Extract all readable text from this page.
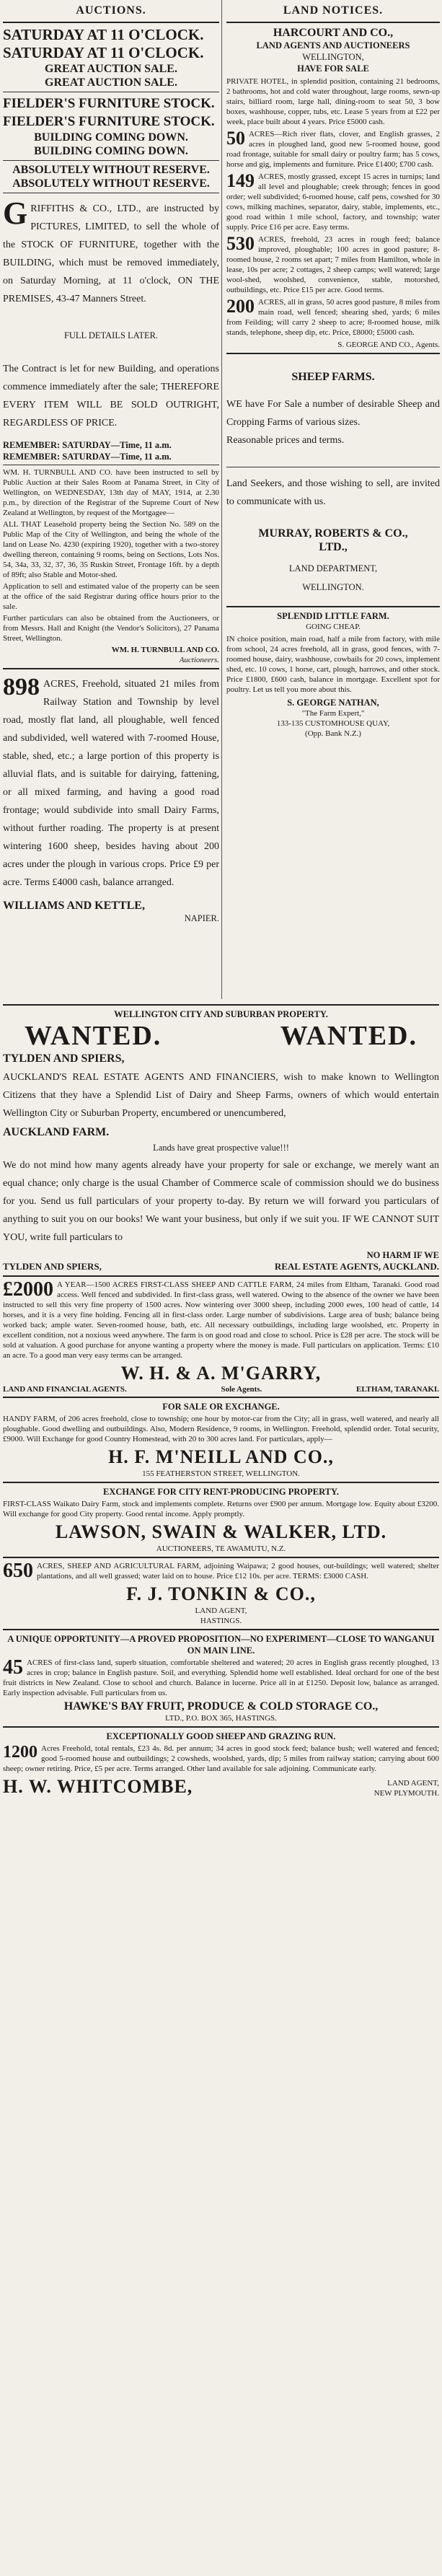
AUCTIONS.
SATURDAY AT 11 O'CLOCK.
SATURDAY AT 11 O'CLOCK.
GREAT AUCTION SALE.
GREAT AUCTION SALE.
FIELDER'S FURNITURE STOCK.
FIELDER'S FURNITURE STOCK.
BUILDING COMING DOWN.
BUILDING COMING DOWN.
ABSOLUTELY WITHOUT RESERVE.
ABSOLUTELY WITHOUT RESERVE.

G RIFFITHS & CO., LTD., are instructed by PICTURES, LIMITED, to sell the whole of the STOCK OF FURNITURE, together with the BUILDING, which must be removed immediately, on Saturday Morning, at 11 o'clock, ON THE PREMISES, 43-47 Manners Street.

FULL DETAILS LATER.

The Contract is let for new Building, and operations commence immediately after the sale; THEREFORE EVERY ITEM WILL BE SOLD OUTRIGHT, REGARDLESS OF PRICE.

REMEMBER: SATURDAY—Time, 11 a.m.
REMEMBER: SATURDAY—Time, 11 a.m.

WM. H. TURNBULL AND CO. have been instructed to sell by Public Auction at their Sales Room at Panama Street, in City of Wellington, on WEDNESDAY, 13th day of MAY, 1914, at 2.30 p.m., by direction of the Registrar of the Supreme Court of New Zealand at Wellington, by request of the Mortgagee—

ALL THAT Leasehold property being the Section No. 589 on the Public Map of the City of Wellington, and being the whole of the land on Lease No. 4230 (expiring 1920), together with a two-storey dwelling thereon, containing 9 rooms, being on Sections, Lots Nos. 54, 34a, 33, 32, 37, 36, 35 Ruskin Street, Frontage 16ft. by a depth of 89ft; also Stable and Motor-shed.

Application to sell and estimated value of the property can be seen at the office of the said Registrar during office hours prior to the sale.

Further particulars can also be obtained from the Auctioneers, or from Messrs. Hall and Knight (the Vendor's Solicitors), 27 Panama Street, Wellington.

WM. H. TURNBULL AND CO.
Auctioneers.

898 ACRES, Freehold, situated 21 miles from Railway Station and Township by level road, mostly flat land, all ploughable, well fenced and subdivided, well watered with 7-roomed House, stable, shed, etc.; a large portion of this property is alluvial flats, and is suitable for dairying, fattening, or all mixed farming, and having a good road frontage; would subdivide into small Dairy Farms, without further roading. The property is at present wintering 1600 sheep, besides having about 200 acres under the plough in various crops. Price £9 per acre. Terms £4000 cash, balance arranged.

WILLIAMS AND KETTLE,
NAPIER.
LAND NOTICES.
HARCOURT AND CO.,
LAND AGENTS AND AUCTIONEERS
WELLINGTON,
HAVE FOR SALE

PRIVATE HOTEL, in splendid position, containing 21 bedrooms, 2 bathrooms, hot and cold water throughout, large rooms, sewn-up stairs, billiard room, large hall, dining-room to seat 50, 3 bow boxes, washhouse, copper, tubs, etc. Lease 5 years from at £22 per week, place built about 4 years. Price £5000 cash.

50 ACRES—Rich river flats, clover, and English grasses, 2 acres in ploughed land, good new 5-roomed house, good road frontage, suitable for small dairy or poultry farm; has 5 cows, horse and gig, implements and furniture. Price £1400; £700 cash.

149 ACRES, mostly grassed, except 15 acres in turnips; land all level and ploughable; creek through; fences in good order; well subdivided; 6-roomed house, calf pens, cowshed for 30 cows, milking machines, separator, dairy, stable, implements, etc., good road within 1 mile school, factory, and township; water supply. Price £16 per acre. Easy terms.

530 ACRES, freehold, 23 acres in rough feed; balance improved, ploughable; 100 acres in good pasture; 8-roomed house, 2 rooms set apart; 7 miles from Hamilton, whole in lease, 10s per acre; 2 cottages, 2 sheep camps; well watered; large wool-shed, woolshed, convenience, stable, motorshed, outbuildings, etc. Price £15 per acre. Good terms.

200 ACRES, all in grass, 50 acres good pasture, 8 miles from main road, well fenced; shearing shed, yards; 6 miles from Feilding; will carry 2 sheep to acre; 8-roomed house, milk stands, telephone, sheep dip, etc. Price, £8000; £5000 cash.

S. GEORGE AND CO., Agents.
SHEEP FARMS.

WE have For Sale a number of desirable Sheep and Cropping Farms of various sizes.

Reasonable prices and terms.

Land Seekers, and those wishing to sell, are invited to communicate with us.

MURRAY, ROBERTS & CO.,
LTD.,
LAND DEPARTMENT,
WELLINGTON.
SPLENDID LITTLE FARM.
GOING CHEAP.

IN choice position, main road, half a mile from factory, with mile from school, 24 acres freehold, all in grass, good fences, with 7-roomed house, dairy, washhouse, cowbails for 20 cows, implement shed, etc. 10 cows, 1 horse, cart, plough, harrows, and other stock. Price £1800, £600 cash, balance in mortgage. Excellent spot for poultry. Let us tell you more about this.

S. GEORGE NATHAN,
"The Farm Expert,"
133-135 CUSTOMHOUSE QUAY,
(Opp. Bank N.Z.)
WELLINGTON CITY AND SUBURBAN PROPERTY.
WANTED.	WANTED.
TYLDEN AND SPIERS,

AUCKLAND'S REAL ESTATE AGENTS AND FINANCIERS, wish to make known to Wellington Citizens that they have a Splendid List of Dairy and Sheep Farms, owners of which would entertain Wellington City or Suburban Property, encumbered or unencumbered,

AUCKLAND FARM.
Lands have great prospective value!!!

We do not mind how many agents already have your property for sale or exchange, we merely want an equal chance; only charge is the usual Chamber of Commerce scale of commission should we do business for you. Send us full particulars of your property to-day. By return we will forward you particulars of anything to suit you on our books! We want your business, but only if we suit you. IF WE CANNOT SUIT YOU, write full particulars to

NO HARM IF WE
TYLDEN AND SPIERS,	REAL ESTATE AGENTS, AUCKLAND.

£2000 A YEAR—1500 ACRES FIRST-CLASS SHEEP AND CATTLE FARM, 24 miles from Eltham, Taranaki. Good road access. Well fenced and subdivided. In first-class grass, well watered. Owing to the absence of the owner we have been instructed to sell this very fine property of 1500 acres. Now wintering over 3000 sheep, including 2000 ewes, 100 head of cattle, 14 horses, and it is a very fine holding. Fencing all in first-class order. Large number of subdivisions. Large area of bush; balance being worked back; ample water. Seven-roomed house, bath, etc. All necessary outbuildings, including large woolshed, etc. Property in excellent condition, not a noxious weed anywhere. The farm is on good road and close to school. Price is £28 per acre. The stock will be sold at valuation. A good purchase for anyone wanting a property where the money is made. Full particulars on application. Terms: £10 an acre. To a good man very easy terms can be arranged.

W. H. & A. M'GARRY,
LAND AND FINANCIAL AGENTS.	Sole Agents.	ELTHAM, TARANAKI.
FOR SALE OR EXCHANGE.

HANDY FARM, of 206 acres freehold, close to township; one hour by motor-car from the City; all in grass, well watered, and nearly all ploughable. Good dwelling and outbuildings. Also, Modern Residence, 9 rooms, in Wellington. Freehold, splendid order. Total security, £9000. Will Exchange for good Country Homestead, with 20 to 300 acres land. For particulars, apply—

H. F. M'NEILL AND CO.,
155 FEATHERSTON STREET, WELLINGTON.
EXCHANGE FOR CITY RENT-PRODUCING PROPERTY.

FIRST-CLASS Waikato Dairy Farm, stock and implements complete. Returns over £900 per annum. Mortgage low. Equity about £3200. Will exchange for good City property. Good rental income. Apply promptly.

LAWSON, SWAIN & WALKER, LTD.
AUCTIONEERS, TE AWAMUTU, N.Z.

650 ACRES, SHEEP AND AGRICULTURAL FARM, adjoining Waipawa; 2 good houses, out-buildings; well watered; shelter plantations, and all well grassed; water laid on to house. Price £12 10s. per acre. TERMS: £3000 CASH.

F. J. TONKIN & CO.,
LAND AGENT,
HASTINGS.
A UNIQUE OPPORTUNITY—A PROVED PROPOSITION—NO EXPERIMENT—CLOSE TO WANGANUI ON MAIN LINE.

45 ACRES of first-class land, superb situation, comfortable sheltered and watered; 20 acres in English grass recently ploughed, 13 acres in crop; balance in English pasture. Soil, and everything. Splendid home well established. Ideal orchard for one of the best fruit districts in New Zealand. Close to school and church. Balance in lucerne. Price all in at £1250. Deposit low, balance as arranged. Early inspection advisable. Full particulars from us.

HAWKE'S BAY FRUIT, PRODUCE & COLD STORAGE CO.,
LTD., P.O. BOX 365, HASTINGS.
EXCEPTIONALLY GOOD SHEEP AND GRAZING RUN.

1200 Acres Freehold, total rentals, £23 4s. 8d. per annum; 34 acres in good stock feed; balance bush; well watered and fenced; good 5-roomed house and outbuildings; 2 cowsheds, woolshed, yards, dip; 5 miles from railway station; carrying about 600 sheep; owner retiring. Price, £5 per acre. Terms arranged. Other land available for sale adjoining. Communicate early.

H. W. WHITCOMBE,	LAND AGENT,
NEW PLYMOUTH.
